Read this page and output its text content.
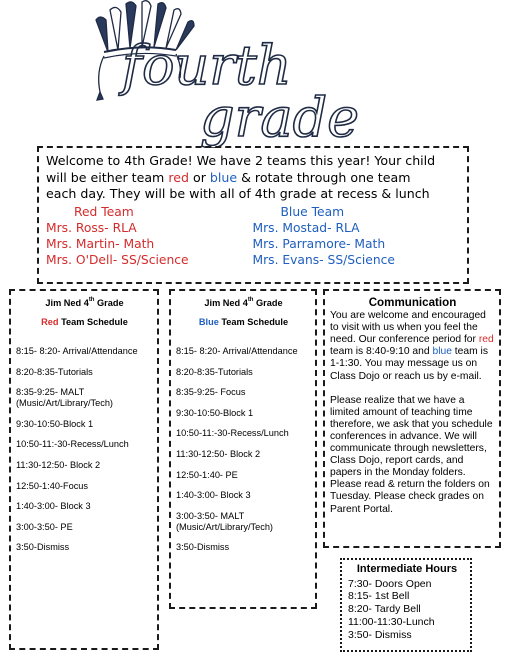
fourth
grade
Welcome to 4th Grade! We have 2 teams this year! Your child
will be either team red or blue & rotate through one team
each day. They will be with all of 4th grade at recess & lunch
Red Team
Mrs. Ross- RLA
Mrs. Martin- Math
Mrs. O'Dell- SS/Science
Blue Team
Mrs. Mostad- RLA
Mrs. Parramore- Math
Mrs. Evans- SS/Science
Jim Ned 4th Grade
Red Team Schedule
8:15- 8:20- Arrival/Attendance
8:20-8:35-Tutorials
8:35-9:25- MALT (Music/Art/Library/Tech)
9:30-10:50-Block 1
10:50-11:-30-Recess/Lunch
11:30-12:50- Block 2
12:50-1:40-Focus
1:40-3:00- Block 3
3:00-3:50- PE
3:50-Dismiss
Jim Ned 4th Grade
Blue Team Schedule
8:15- 8:20- Arrival/Attendance
8:20-8:35-Tutorials
8:35-9:25- Focus
9:30-10:50-Block 1
10:50-11:-30-Recess/Lunch
11:30-12:50- Block 2
12:50-1:40- PE
1:40-3:00- Block 3
3:00-3:50- MALT (Music/Art/Library/Tech)
3:50-Dismiss
Communication
You are welcome and encouraged to visit with us when you feel the need. Our conference period for red team is 8:40-9:10 and blue team is 1-1:30. You may message us on Class Dojo or reach us by e-mail.
Please realize that we have a limited amount of teaching time therefore, we ask that you schedule conferences in advance. We will communicate through newsletters, Class Dojo, report cards, and papers in the Monday folders. Please read & return the folders on Tuesday. Please check grades on Parent Portal.
Intermediate Hours
7:30- Doors Open
8:15- 1st Bell
8:20- Tardy Bell
11:00-11:30-Lunch
3:50- Dismiss
